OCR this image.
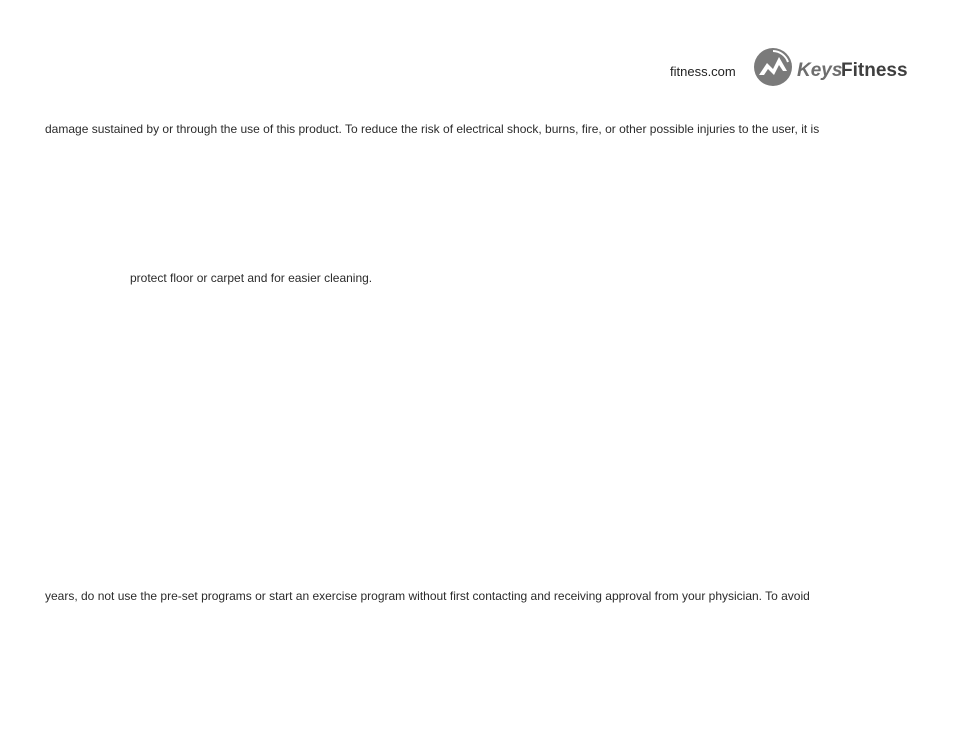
fitness.com	Keys
Fitness
damage sustained by or through the use of this product. To reduce the risk of electrical shock, burns, fire, or other possible injuries to the user, it is
protect floor or carpet and for easier cleaning.
years, do not use the pre-set programs or start an exercise program without first contacting and receiving approval from your physician. To avoid
